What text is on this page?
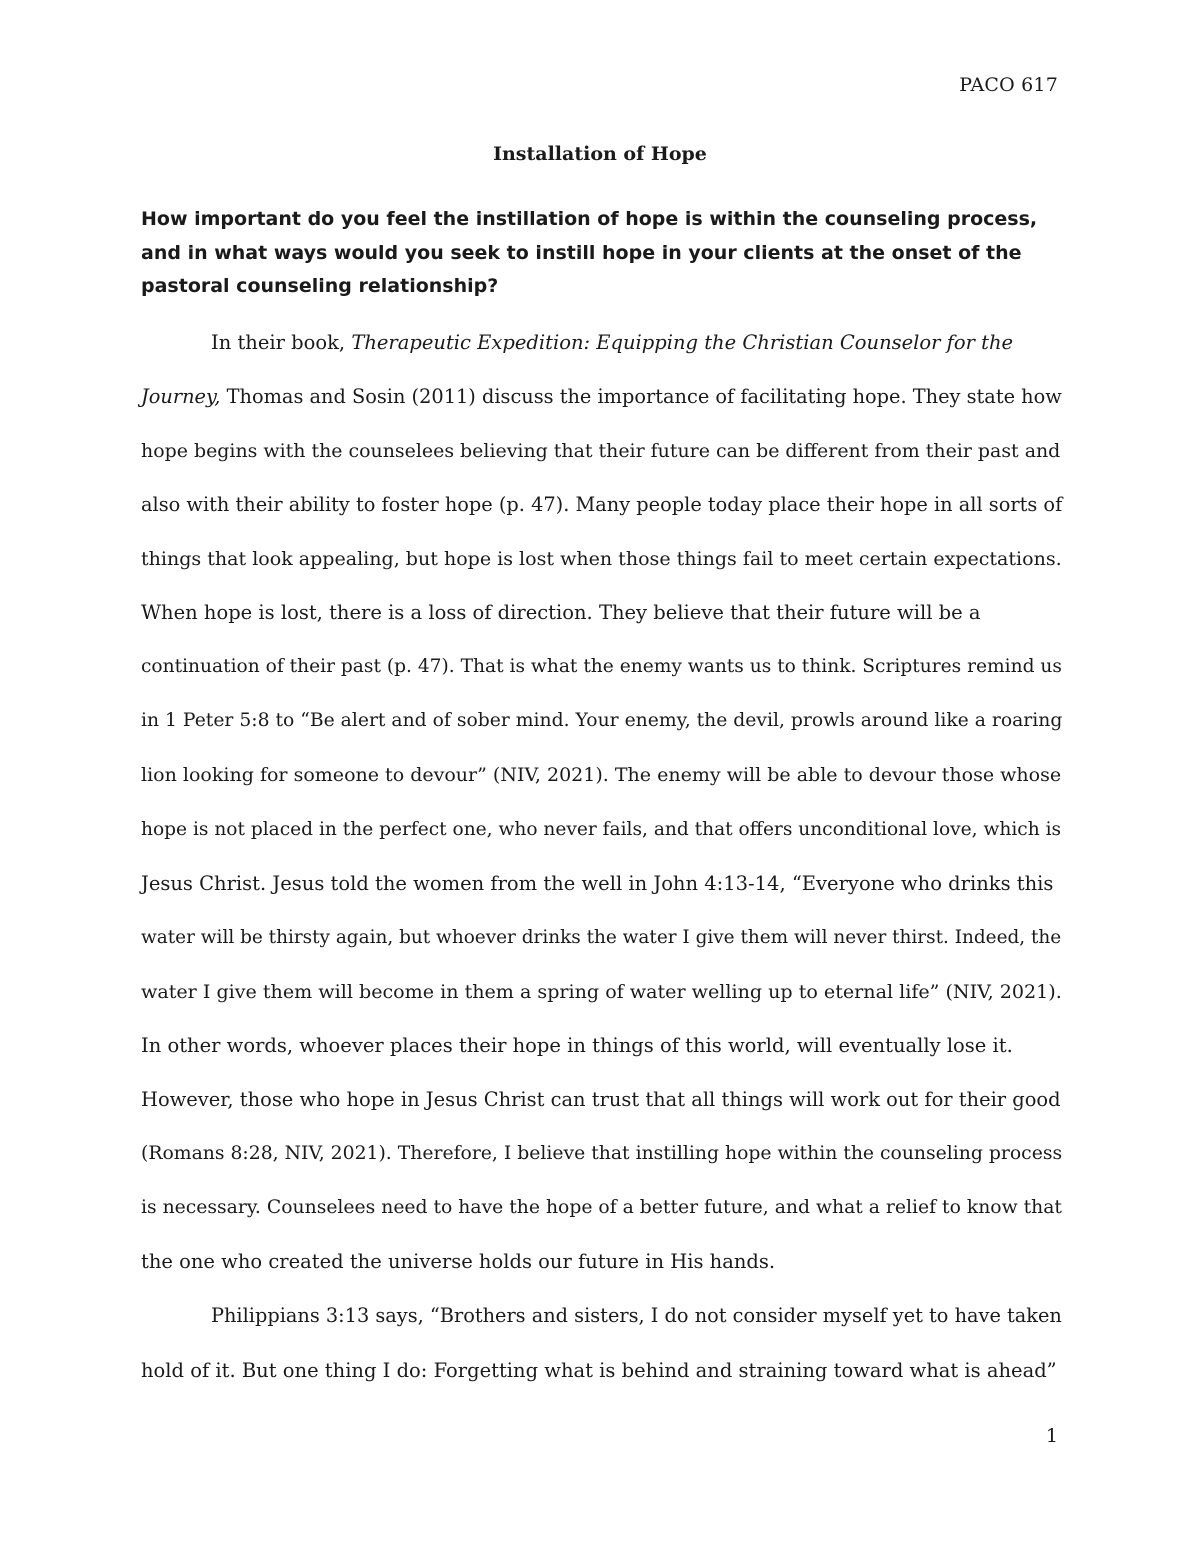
PACO 617
Installation of Hope

How important do you feel the instillation of hope is within the counseling process, and in what ways would you seek to instill hope in your clients at the onset of the pastoral counseling relationship?

In their book, Therapeutic Expedition: Equipping the Christian Counselor for the

Journey, Thomas and Sosin (2011) discuss the importance of facilitating hope. They state how

hope begins with the counselees believing that their future can be different from their past and

also with their ability to foster hope (p. 47). Many people today place their hope in all sorts of

things that look appealing, but hope is lost when those things fail to meet certain expectations.

When hope is lost, there is a loss of direction. They believe that their future will be a

continuation of their past (p. 47). That is what the enemy wants us to think. Scriptures remind us

in 1 Peter 5:8 to “Be alert and of sober mind. Your enemy, the devil, prowls around like a roaring

lion looking for someone to devour” (NIV, 2021). The enemy will be able to devour those whose

hope is not placed in the perfect one, who never fails, and that offers unconditional love, which is

Jesus Christ. Jesus told the women from the well in John 4:13-14, “Everyone who drinks this

water will be thirsty again, but whoever drinks the water I give them will never thirst. Indeed, the

water I give them will become in them a spring of water welling up to eternal life” (NIV, 2021).

In other words, whoever places their hope in things of this world, will eventually lose it.

However, those who hope in Jesus Christ can trust that all things will work out for their good

(Romans 8:28, NIV, 2021). Therefore, I believe that instilling hope within the counseling process

is necessary. Counselees need to have the hope of a better future, and what a relief to know that

the one who created the universe holds our future in His hands.

Philippians 3:13 says, “Brothers and sisters, I do not consider myself yet to have taken

hold of it. But one thing I do: Forgetting what is behind and straining toward what is ahead”

1
